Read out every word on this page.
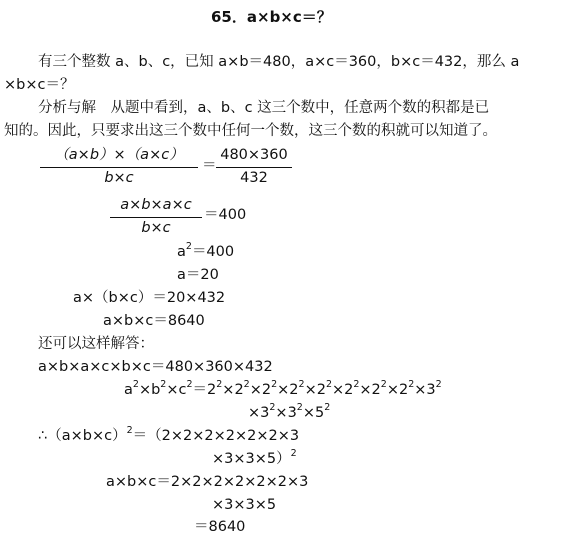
65．a×b×c＝？
有三个整数 a、b、c，已知 a×b＝480，a×c＝360，b×c＝432，那么 a
×b×c＝？
分析与解　从题中看到，a、b、c 这三个数中，任意两个数的积都是已
知的。因此，只要求出这三个数中任何一个数，这三个数的积就可以知道了。
（a×b）×（a×c）
b×c
＝
480×360
432
a×b×a×c
b×c
＝400
$a^2=400$
a＝20
a×（b×c）＝20×432
a×b×c＝8640
还可以这样解答：
a×b×a×c×b×c＝480×360×432
$a^2\times b^2\times c^2=2^2\times 2^2\times 2^2\times 2^2\times 2^2\times 2^2\times 2^2\times 2^2\times 3^2$
$\times 3^2\times 3^2\times 5^2$
$\therefore(a\times b\times c)^2=(2\times 2\times 2\times 2\times 2\times 2\times 3$
×3×3×5）$^2$
a×b×c＝2×2×2×2×2×2×3
×3×3×5
＝8640
